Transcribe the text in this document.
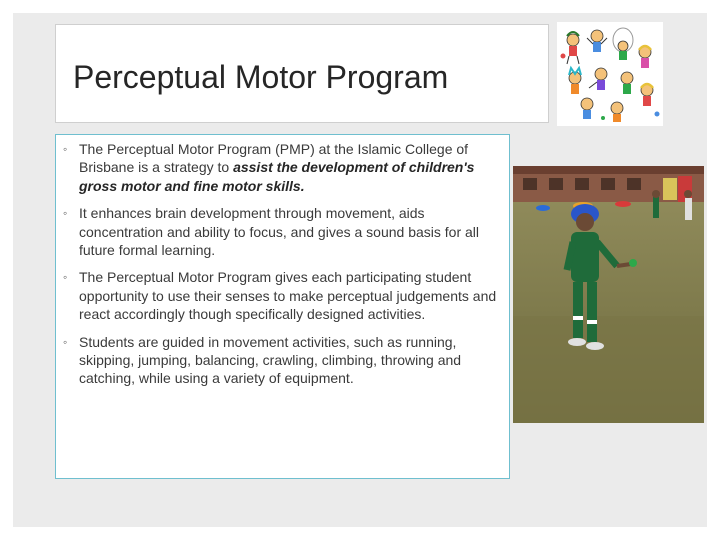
Perceptual Motor Program
◦ The Perceptual Motor Program (PMP) at the Islamic College of Brisbane is a strategy to assist the development of children's gross motor and fine motor skills.
◦ It enhances brain development through movement, aids concentration and ability to focus, and gives a sound basis for all future formal learning.
◦ The Perceptual Motor Program gives each participating student opportunity to use their senses to make perceptual judgements and react accordingly though specifically designed activities.
◦ Students are guided in movement activities, such as running, skipping, jumping, balancing, crawling, climbing, throwing and catching, while using a variety of equipment.
